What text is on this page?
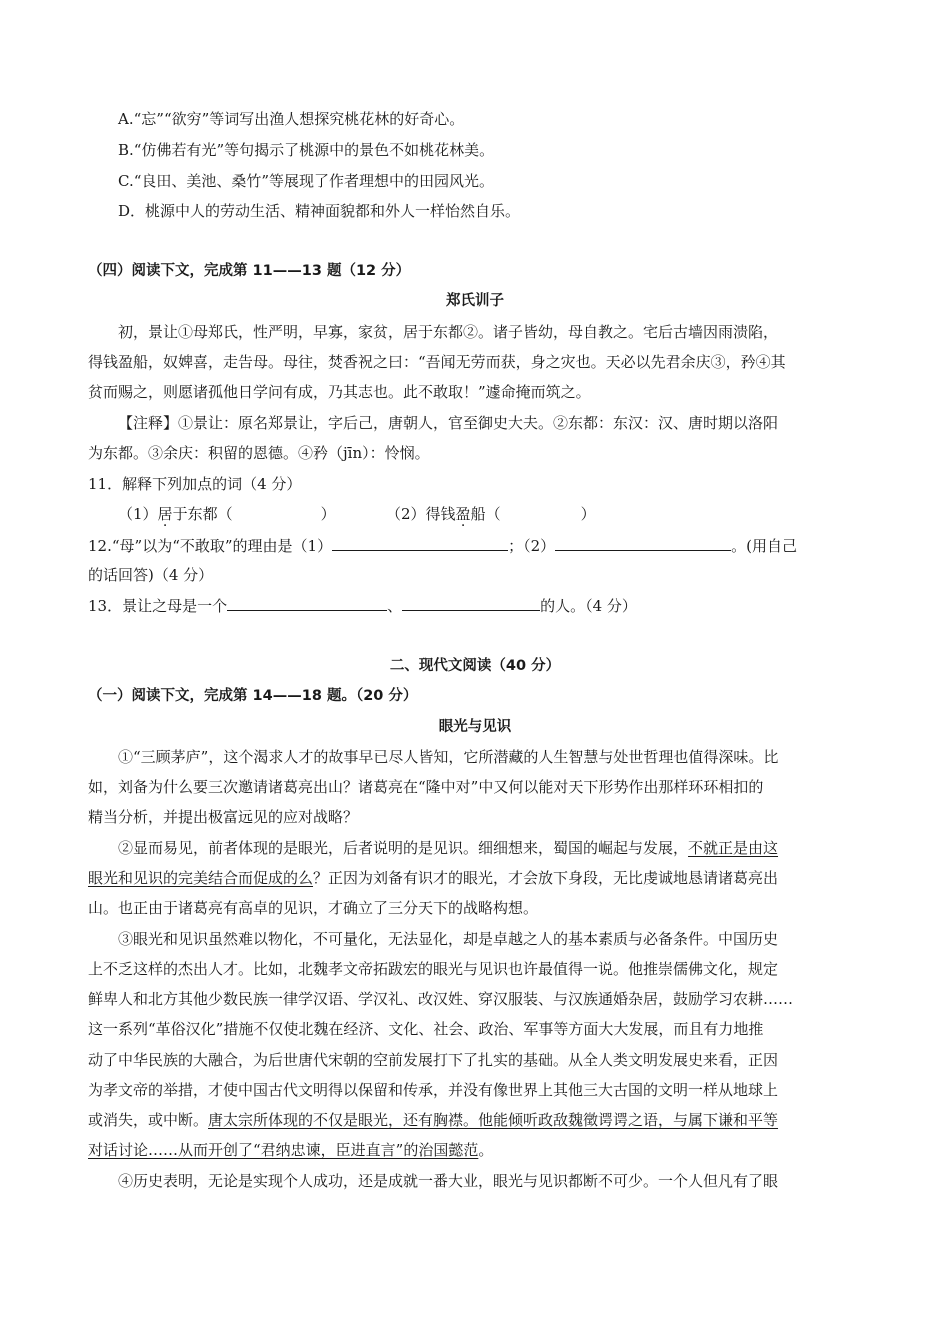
A.“忘”“欲穷”等词写出渔人想探究桃花林的好奇心。
B.“仿佛若有光”等句揭示了桃源中的景色不如桃花林美。
C.“良田、美池、桑竹”等展现了作者理想中的田园风光。
D．桃源中人的劳动生活、精神面貌都和外人一样怡然自乐。
（四）阅读下文，完成第 11——13 题（12 分）
郑氏训子
初，景让①母郑氏，性严明，早寡，家贫，居于东都②。诸子皆幼，母自教之。宅后古墙因雨溃陷，
得钱盈船，奴婢喜，走告母。母往，焚香祝之曰：“吾闻无劳而获，身之灾也。天必以先君余庆③，矜④其
贫而赐之，则愿诸孤他日学问有成，乃其志也。此不敢取！”遽命掩而筑之。
【注释】①景让：原名郑景让，字后己，唐朝人，官至御史大夫。②东都：东汉：汉、唐时期以洛阳
为东都。③余庆：积留的恩德。④矜（jīn）：怜悯。
11．解释下列加点的词（4 分）
（1）居于东都（	）	（2）得钱盈船（	）
12.“母”以为“不敢取”的理由是（1）	；（2）	。(用自己
的话回答)（4 分）
13．景让之母是一个	、	的人。（4 分）
二、现代文阅读（40 分）
（一）阅读下文，完成第 14——18 题。（20 分）
眼光与见识
①“三顾茅庐”，这个渴求人才的故事早已尽人皆知，它所潜藏的人生智慧与处世哲理也值得深味。比
如，刘备为什么要三次邀请诸葛亮出山？诸葛亮在“隆中对”中又何以能对天下形势作出那样环环相扣的
精当分析，并提出极富远见的应对战略？
②显而易见，前者体现的是眼光，后者说明的是见识。细细想来，蜀国的崛起与发展，不就正是由这
眼光和见识的完美结合而促成的么？正因为刘备有识才的眼光，才会放下身段，无比虔诚地恳请诸葛亮出
山。也正由于诸葛亮有高卓的见识，才确立了三分天下的战略构想。
③眼光和见识虽然难以物化，不可量化，无法显化，却是卓越之人的基本素质与必备条件。中国历史
上不乏这样的杰出人才。比如，北魏孝文帝拓跋宏的眼光与见识也许最值得一说。他推崇儒佛文化，规定
鲜卑人和北方其他少数民族一律学汉语、学汉礼、改汉姓、穿汉服装、与汉族通婚杂居，鼓励学习农耕……
这一系列“革俗汉化”措施不仅使北魏在经济、文化、社会、政治、军事等方面大大发展，而且有力地推
动了中华民族的大融合，为后世唐代宋朝的空前发展打下了扎实的基础。从全人类文明发展史来看，正因
为孝文帝的举措，才使中国古代文明得以保留和传承，并没有像世界上其他三大古国的文明一样从地球上
或消失，或中断。唐太宗所体现的不仅是眼光，还有胸襟。他能倾听政敌魏徵谔谔之语，与属下谦和平等
对话讨论……从而开创了“君纳忠谏，臣进直言”的治国懿范。
④历史表明，无论是实现个人成功，还是成就一番大业，眼光与见识都断不可少。一个人但凡有了眼
